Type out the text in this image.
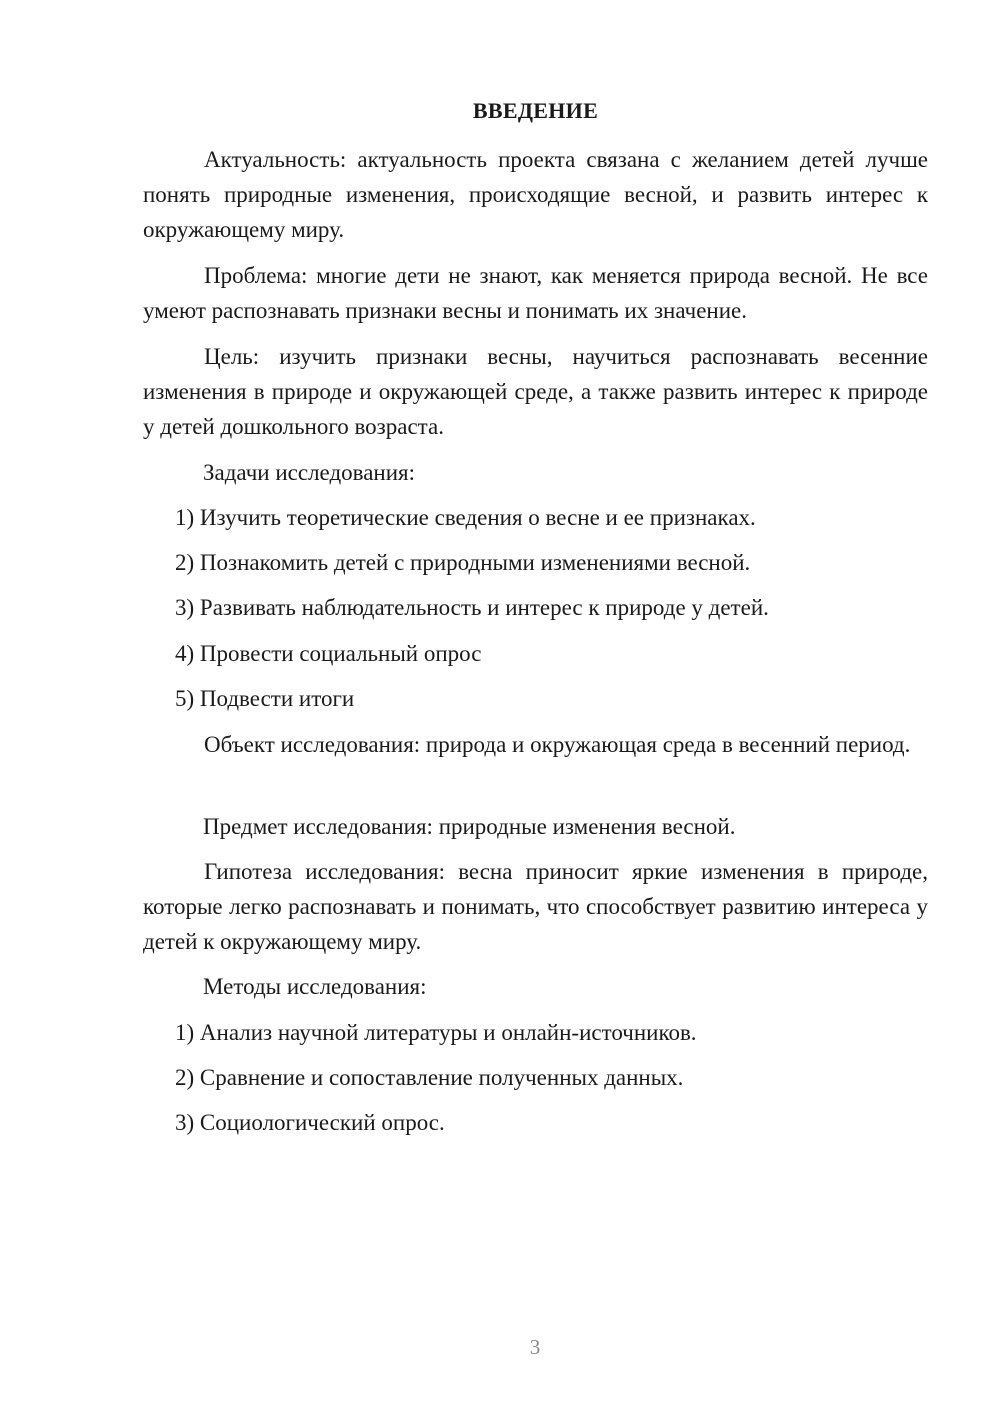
ВВЕДЕНИЕ

Актуальность: актуальность проекта связана с желанием детей лучше понять природные изменения, происходящие весной, и развить интерес к окружающему миру.

Проблема: многие дети не знают, как меняется природа весной. Не все умеют распознавать признаки весны и понимать их значение.

Цель: изучить признаки весны, научиться распознавать весенние изменения в природе и окружающей среде, а также развить интерес к природе у детей дошкольного возраста.

Задачи исследования:

1) Изучить теоретические сведения о весне и ее признаках.

2) Познакомить детей с природными изменениями весной.

3) Развивать наблюдательность и интерес к природе у детей.

4) Провести социальный опрос

5) Подвести итоги

Объект исследования: природа и окружающая среда в весенний период.

Предмет исследования: природные изменения весной.

Гипотеза исследования: весна приносит яркие изменения в природе, которые легко распознавать и понимать, что способствует развитию интереса у детей к окружающему миру.

Методы исследования:

1) Анализ научной литературы и онлайн-источников.

2) Сравнение и сопоставление полученных данных.

3) Социологический опрос.

3
